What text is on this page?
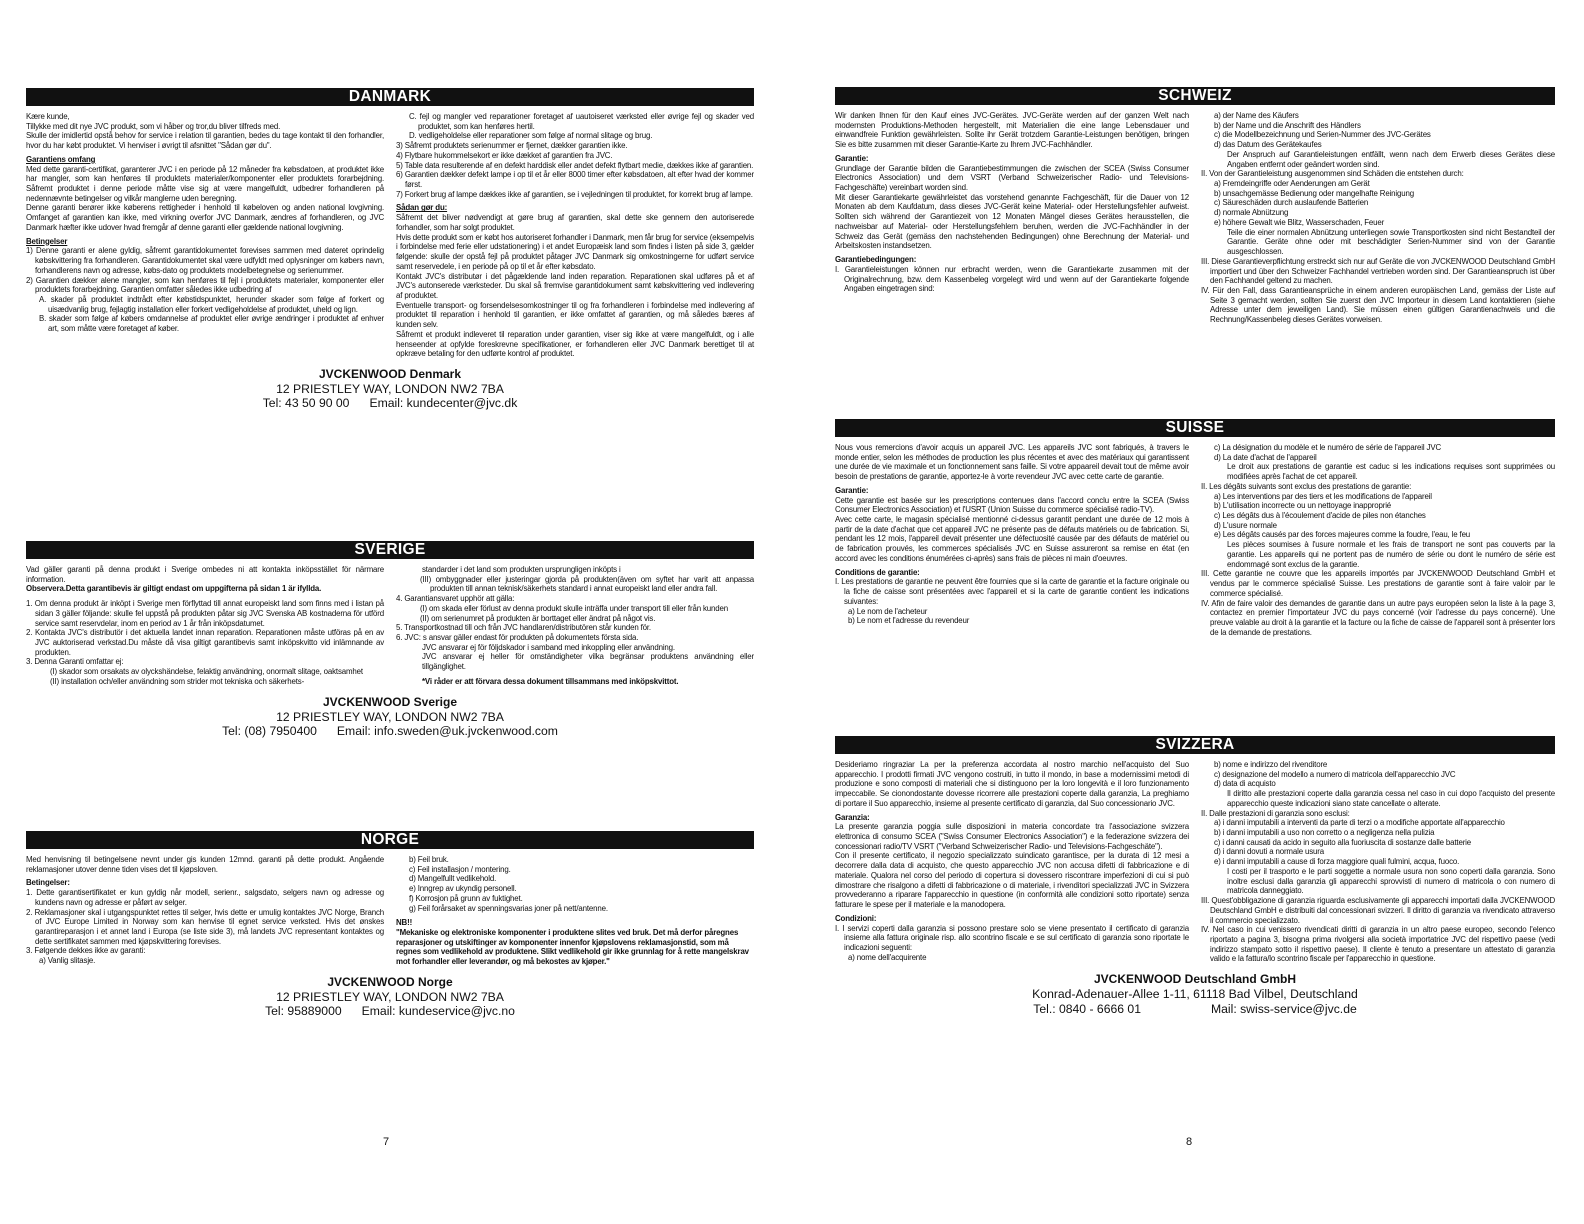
DANMARK

Kære kunde,

Tillykke med dit nye JVC produkt, som vi håber og tror,du bliver tilfreds med.

Skulle der imidlertid opstå behov for service i relation til garantien, bedes du tage kontakt til den forhandler, hvor du har købt produktet. Vi henviser i øvrigt til afsnittet "Sådan gør du".

Garantiens omfang

Med dette garanti-certifikat, garanterer JVC i en periode på 12 måneder fra købsdatoen, at produktet ikke har mangler, som kan henføres til produktets materialer/komponenter eller produktets forarbejdning. Såfremt produktet i denne periode måtte vise sig at være mangelfuldt, udbedrer forhandleren på nedennævnte betingelser og vilkår manglerne uden beregning.

Denne garanti berører ikke køberens rettigheder i henhold til købeloven og anden national lovgivning. Omfanget af garantien kan ikke, med virkning overfor JVC Danmark, ændres af forhandleren, og JVC Danmark hæfter ikke udover hvad fremgår af denne garanti eller gældende national lovgivning.

Betingelser

1) Denne garanti er alene gyldig, såfremt garantidokumentet forevises sammen med dateret oprindelig købskvittering fra forhandleren. Garantidokumentet skal være udfyldt med oplysninger om købers navn, forhandlerens navn og adresse, købs-dato og produktets modelbetegnelse og serienummer.

2) Garantien dækker alene mangler, som kan henføres til fejl i produktets materialer, komponenter eller produktets forarbejdning. Garantien omfatter således ikke udbedring af

A. skader på produktet indtrådt efter købstidspunktet, herunder skader som følge af forkert og uisædvanlig brug, fejlagtig installation eller forkert vedligeholdelse af produktet, uheld og lign.

B. skader som følge af købers omdannelse af produktet eller øvrige ændringer i produktet af enhver art, som måtte være foretaget af køber.

C. fejl og mangler ved reparationer foretaget af uautoiseret værksted eller øvrige fejl og skader ved produktet, som kan henføres hertil.

D. vedligeholdelse eller reparationer som følge af normal slitage og brug.

3) Såfremt produktets serienummer er fjernet, dækker garantien ikke.

4) Flytbare hukommelsekort er ikke dækket af garantien fra JVC.

5) Table data resulterende af en defekt harddisk eller andet defekt flytbart medie, dækkes ikke af garantien.

6) Garantien dækker defekt lampe i op til et år eller 8000 timer efter købsdatoen, alt efter hvad der kommer først.

7) Forkert brug af lampe dækkes ikke af garantien, se i vejledningen til produktet, for korrekt brug af lampe.

Sådan gør du:

Såfremt det bliver nødvendigt at gøre brug af garantien, skal dette ske gennem den autoriserede forhandler, som har solgt produktet.

Hvis dette produkt som er købt hos autoriseret forhandler i Danmark, men får brug for service (eksempelvis i forbindelse med ferie eller udstationering) i et andet Europæisk land som findes i listen på side 3, gælder følgende: skulle der opstå fejl på produktet påtager JVC Danmark sig omkostningerne for udført service samt reservedele, i en periode på op til et år efter købsdato.

Kontakt JVC's distributør i det pågældende land inden reparation. Reparationen skal udføres på et af JVC's autonserede værksteder. Du skal så fremvise garantidokument samt købskvittering ved indlevering af produktet.

Eventuelle transport- og forsendelsesomkostninger til og fra forhandleren i forbindelse med indlevering af produktet til reparation i henhold til garantien, er ikke omfattet af garantien, og må således bæres af kunden selv.

Såfremt et produkt indleveret til reparation under garantien, viser sig ikke at være mangelfuldt, og i alle henseender at opfylde foreskrevne specifikationer, er forhandleren eller JVC Danmark berettiget til at opkræve betaling for den udførte kontrol af produktet.

JVCKENWOOD Denmark
12 PRIESTLEY WAY, LONDON NW2 7BA
Tel: 43 50 90 00 Email: kundecenter@jvc.dk
SVERIGE

Vad gäller garanti på denna produkt i Sverige ombedes ni att kontakta inköpsstället för närmare information.

Observera.Detta garantibevis är giltigt endast om uppgifterna på sidan 1 är ifyllda.

1. Om denna produkt är inköpt i Sverige men förflyttad till annat europeiskt land som finns med i listan på sidan 3 gäller följande: skulle fel uppstå på produkten påtar sig JVC Svenska AB kostnaderna för utförd service samt reservdelar, inom en period av 1 år från inköpsdatumet.

2. Kontakta JVC's distributör i det aktuella landet innan reparation. Reparationen måste utföras på en av JVC auktoriserad verkstad.Du måste då visa giltigt garantibevis samt inköpskvitto vid inlämnande av produkten.

3. Denna Garanti omfattar ej:

(I) skador som orsakats av olyckshändelse, felaktig användning, onormalt slitage, oaktsamhet

(II) installation och/eller användning som strider mot tekniska och säkerhets-

standarder i det land som produkten ursprungligen inköpts i

(III) ombyggnader eller justeringar gjorda på produkten(även om syftet har varit att anpassa produkten till annan teknisk/säkerhets standard i annat europeiskt land eller andra fall.

4. Garantiansvaret upphör att gälla:

(I) om skada eller förlust av denna produkt skulle inträffa under transport till eller från kunden

(II) om serienumret på produkten är borttaget eller ändrat på något vis.

5. Transportkostnad till och från JVC handlaren/distributören står kunden för.

6. JVC: s ansvar gäller endast för produkten på dokumentets första sida.

JVC ansvarar ej för följdskador i samband med inkoppling eller användning.

JVC ansvarar ej heller för omständigheter vilka begränsar produktens användning eller tillgänglighet.

*Vi råder er att förvara dessa dokument tillsammans med inköpskvittot.

JVCKENWOOD Sverige
12 PRIESTLEY WAY, LONDON NW2 7BA
Tel: (08) 7950400 Email: info.sweden@uk.jvckenwood.com
NORGE

Med henvisning til betingelsene nevnt under gis kunden 12mnd. garanti på dette produkt. Angående reklamasjoner utover denne tiden vises det til kjøpsloven.

Betingelser:

1. Dette garantisertifikatet er kun gyldig når modell, serienr., salgsdato, selgers navn og adresse og kundens navn og adresse er påført av selger.

2. Reklamasjoner skal i utgangspunktet rettes til selger, hvis dette er umulig kontaktes JVC Norge, Branch of JVC Europe Limited in Norway som kan henvise til egnet service verksted. Hvis det ønskes garantireparasjon i et annet land i Europa (se liste side 3), må landets JVC representant kontaktes og dette sertifikatet sammen med kjøpskvittering forevises.

3. Følgende dekkes ikke av garanti:

a) Vanlig slitasje.

b) Feil bruk.

c) Feil installasjon / montering.

d) Mangelfullt vedlikehold.

e) Inngrep av ukyndig personell.

f) Korrosjon på grunn av fuktighet.

g) Feil forårsaket av spenningsvarias joner på nett/antenne.

NB!!

"Mekaniske og elektroniske komponenter i produktene slites ved bruk. Det må derfor påregnes reparasjoner og utskiftinger av komponenter innenfor kjøpslovens reklamasjonstid, som må regnes som vedlikehold av produktene. Slikt vedlikehold gir ikke grunnlag for å rette mangelskrav mot forhandler eller leverandør, og må bekostes av kjøper."

JVCKENWOOD Norge
12 PRIESTLEY WAY, LONDON NW2 7BA
Tel: 95889000 Email: kundeservice@jvc.no
7
SCHWEIZ

Wir danken Ihnen für den Kauf eines JVC-Gerätes. JVC-Geräte werden auf der ganzen Welt nach modernsten Produktions-Methoden hergestellt, mit Materialien die eine lange Lebensdauer und einwandfreie Funktion gewährleisten. Sollte ihr Gerät trotzdem Garantie-Leistungen benötigen, bringen Sie es bitte zusammen mit dieser Garantie-Karte zu Ihrem JVC-Fachhändler.

Garantie:

Grundlage der Garantie bilden die Garantiebestimmungen die zwischen der SCEA (Swiss Consumer Electronics Association) und dem VSRT (Verband Schweizerischer Radio- und Televisions-Fachgeschäfte) vereinbart worden sind.

Mit dieser Garantiekarte gewährleistet das vorstehend genannte Fachgeschäft, für die Dauer von 12 Monaten ab dem Kaufdatum, dass dieses JVC-Gerät keine Material- oder Herstellungsfehler aufweist. Sollten sich während der Garantiezeit von 12 Monaten Mängel dieses Gerätes herausstellen, die nachweisbar auf Material- oder Herstellungsfehlern beruhen, werden die JVC-Fachhändler in der Schweiz das Gerät (gemäss den nachstehenden Bedingungen) ohne Berechnung der Material- und Arbeitskosten instandsetzen.

Garantiebedingungen:

I. Garantieleistungen können nur erbracht werden, wenn die Garantiekarte zusammen mit der Originalrechnung, bzw. dem Kassenbeleg vorgelegt wird und wenn auf der Garantiekarte folgende Angaben eingetragen sind:

a) der Name des Käufers

b) der Name und die Anschrift des Händlers

c) die Modellbezeichnung und Serien-Nummer des JVC-Gerätes

d) das Datum des Gerätekaufes

Der Anspruch auf Garantieleistungen entfällt, wenn nach dem Erwerb dieses Gerätes diese Angaben entfernt oder geändert worden sind.

II. Von der Garantieleistung ausgenommen sind Schäden die entstehen durch:

a) Fremdeingriffe oder Aenderungen am Gerät

b) unsachgemässe Bedienung oder mangelhafte Reinigung

c) Säureschäden durch auslaufende Batterien

d) normale Abnützung

e) höhere Gewalt wie Blitz, Wasserschaden, Feuer

Teile die einer normalen Abnützung unterliegen sowie Transportkosten sind nicht Bestandteil der Garantie. Geräte ohne oder mit beschädigter Serien-Nummer sind von der Garantie ausgeschlossen.

III. Diese Garantieverpflichtung erstreckt sich nur auf Geräte die von JVCKENWOOD Deutschland GmbH importiert und über den Schweizer Fachhandel vertrieben worden sind. Der Garantieanspruch ist über den Fachhandel geltend zu machen.

IV. Für den Fall, dass Garantieansprüche in einem anderen europäischen Land, gemäss der Liste auf Seite 3 gemacht werden, sollten Sie zuerst den JVC Importeur in diesem Land kontaktieren (siehe Adresse unter dem jeweiligen Land). Sie müssen einen gültigen Garantienachweis und die Rechnung/Kassenbeleg dieses Gerätes vorweisen.

SUISSE

Nous vous remercions d'avoir acquis un appareil JVC. Les appareils JVC sont fabriqués, à travers le monde entier, selon les méthodes de production les plus récentes et avec des matériaux qui garantissent une durée de vie maximale et un fonctionnement sans faille. Si votre appaareil devait tout de même avoir besoin de prestations de garantie, apportez-le à vorte revendeur JVC avec cette carte de garantie.

Garantie:

Cette garantie est basée sur les prescriptions contenues dans l'accord conclu entre la SCEA (Swiss Consumer Electronics Association) et l'USRT (Union Suisse du commerce spécialisé radio-TV).

Avec cette carte, le magasin spécialisé mentionné ci-dessus garantit pendant une durée de 12 mois à partir de la date d'achat que cet appareil JVC ne présente pas de défauts matériels ou de fabrication. Si, pendant les 12 mois, l'appareil devait présenter une défectuosité causée par des défauts de matériel ou de fabrication prouvés, les commerces spécialisés JVC en Suisse assureront sa remise en état (en accord avec les conditions énumérées ci-après) sans frais de pièces ni main d'oeuvres.

Conditions de garantie:

I. Les prestations de garantie ne peuvent être fournies que si la carte de garantie et la facture originale ou la fiche de caisse sont présentées avec l'appareil et si la carte de garantie contient les indications suivantes:

a) Le nom de l'acheteur

b) Le nom et l'adresse du revendeur

c) La désignation du modèle et le numéro de série de l'appareil JVC

d) La date d'achat de l'appareil

Le droit aux prestations de garantie est caduc si les indications requises sont supprimées ou modifiées après l'achat de cet appareil.

II. Les dégâts suivants sont exclus des prestations de garantie:

a) Les interventions par des tiers et les modifications de l'appareil

b) L'utilisation incorrecte ou un nettoyage inapproprié

c) Les dégâts dus à l'écoulement d'acide de piles non étanches

d) L'usure normale

e) Les dégâts causés par des forces majeures comme la foudre, l'eau, le feu

Les pièces soumises à l'usure normale et les frais de transport ne sont pas couverts par la garantie. Les appareils qui ne portent pas de numéro de série ou dont le numéro de série est endommagé sont exclus de la garantie.

III. Cette garantie ne couvre que les appareils importés par JVCKENWOOD Deutschland GmbH et vendus par le commerce spécialisé Suisse. Les prestations de garantie sont à faire valoir par le commerce spécialisé.

IV. Afin de faire valoir des demandes de garantie dans un autre pays européen selon la liste à la page 3, contactez en premier l'importateur JVC du pays concerné (voir l'adresse du pays concerné). Une preuve valable au droit à la garantie et la facture ou la fiche de caisse de l'appareil sont à présenter lors de la demande de prestations.

SVIZZERA

Desideriamo ringraziar La per la preferenza accordata al nostro marchio nell'acquisto del Suo apparecchio. I prodotti firmati JVC vengono costruiti, in tutto il mondo, in base a modernissimi metodi di produzione e sono composti di materiali che si distinguono per la loro longevità e il loro funzionamento impeccabile. Se cionondostante dovesse ricorrere alle prestazioni coperte dalla garanzia, La preghiamo di portare il Suo apparecchio, insieme al presente certificato di garanzia, dal Suo concessionario JVC.

Garanzia:

La presente garanzia poggia sulle disposizioni in materia concordate tra l'associazione svizzera elettronica di consumo SCEA ("Swiss Consumer Electronics Association") e la federazione svizzera dei concessionari radio/TV VSRT ("Verband Schweizerischer Radio- und Televisions-Fachgeschäte").

Con il presente certificato, il negozio specializzato suindicato garantisce, per la durata di 12 mesi a decorrere dalla data di acquisto, che questo apparecchio JVC non accusa difetti di fabbricazione e di materiale. Qualora nel corso del periodo di copertura si dovessero riscontrare imperfezioni di cui si può dimostrare che risalgono a difetti di fabbricazione o di materiale, i rivenditori specializzati JVC in Svizzera provvederanno a riparare l'apparecchio in questione (in conformità alle condizioni sotto riportate) senza fatturare le spese per il materiale e la manodopera.

Condizioni:

I. I servizi coperti dalla garanzia si possono prestare solo se viene presentato il certificato di garanzia insieme alla fattura originale risp. allo scontrino fiscale e se sul certificato di garanzia sono riportate le indicazioni seguenti:

a) nome dell'acquirente

b) nome e indirizzo del rivenditore

c) designazione del modello a numero di matricola dell'apparecchio JVC

d) data di acquisto

Il diritto alle prestazioni coperte dalla garanzia cessa nel caso in cui dopo l'acquisto del presente apparecchio queste indicazioni siano state cancellate o alterate.

II. Dalle prestazioni di garanzia sono esclusi:

a) i danni imputabili a interventi da parte di terzi o a modifiche apportate all'apparecchio

b) i danni imputabili a uso non corretto o a negligenza nella pulizia

c) i danni causati da acido in seguito alla fuoriuscita di sostanze dalle batterie

d) i danni dovuti a normale usura

e) i danni imputabili a cause di forza maggiore quali fulmini, acqua, fuoco.

I costi per il trasporto e le parti soggette a normale usura non sono coperti dalla garanzia. Sono inoltre esclusi dalla garanzia gli apparecchi sprovvisti di numero di matricola o con numero di matricola danneggiato.

III. Quest'obbligazione di garanzia riguarda esclusivamente gli apparecchi importati dalla JVCKENWOOD Deutschland GmbH e distribuiti dal concessionari svizzeri. Il diritto di garanzia va rivendicato attraverso il commercio specializzato.

IV. Nel caso in cui venissero rivendicati diritti di garanzia in un altro paese europeo, secondo l'elenco riportato a pagina 3, bisogna prima rivolgersi alla società importatrice JVC del rispettivo paese (vedi indirizzo stampato sotto il rispettivo paese). Il cliente è tenuto a presentare un attestato di garanzia valido e la fattura/lo scontrino fiscale per l'apparecchio in questione.

JVCKENWOOD Deutschland GmbH
Konrad-Adenauer-Allee 1-11, 61118 Bad Vilbel, Deutschland
Tel.: 0840 - 6666 01	Mail: swiss-service@jvc.de
8
